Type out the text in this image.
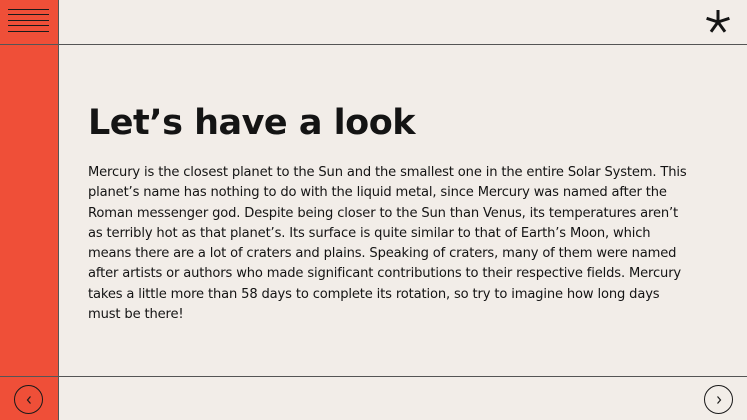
Let’s have a look

Mercury is the closest planet to the Sun and the smallest one in the entire Solar System. This planet’s name has nothing to do with the liquid metal, since Mercury was named after the Roman messenger god. Despite being closer to the Sun than Venus, its temperatures aren’t as terribly hot as that planet’s. Its surface is quite similar to that of Earth’s Moon, which means there are a lot of craters and plains. Speaking of craters, many of them were named after artists or authors who made significant contributions to their respective fields. Mercury takes a little more than 58 days to complete its rotation, so try to imagine how long days must be there!
